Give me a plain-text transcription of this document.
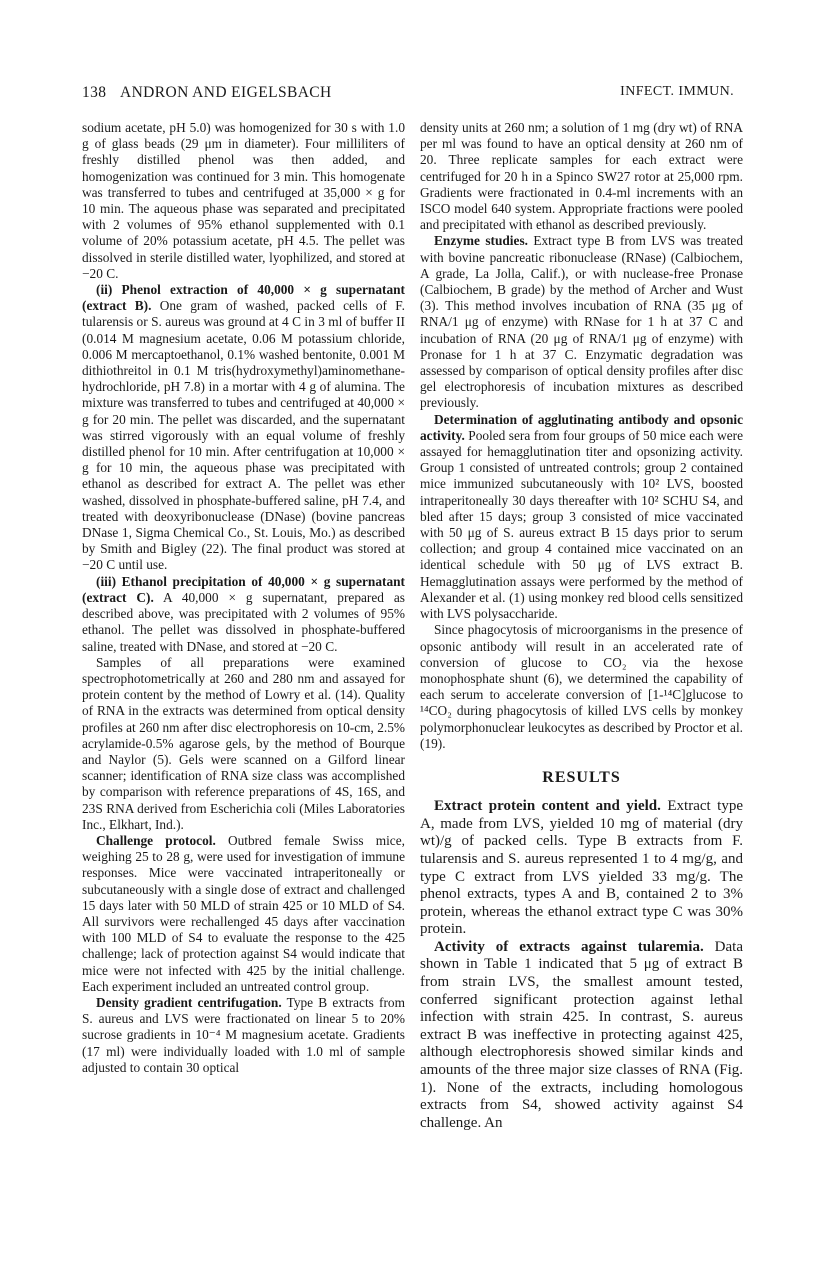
138 ANDRON AND EIGELSBACH	INFECT. IMMUN.

sodium acetate, pH 5.0) was homogenized for 30 s with 1.0 g of glass beads (29 μm in diameter). Four milliliters of freshly distilled phenol was then added, and homogenization was continued for 3 min. This homogenate was transferred to tubes and centrifuged at 35,000 × g for 10 min. The aqueous phase was separated and precipitated with 2 volumes of 95% ethanol supplemented with 0.1 volume of 20% potassium acetate, pH 4.5. The pellet was dissolved in sterile distilled water, lyophilized, and stored at −20 C.

(ii) Phenol extraction of 40,000 × g supernatant (extract B). One gram of washed, packed cells of F. tularensis or S. aureus was ground at 4 C in 3 ml of buffer II (0.014 M magnesium acetate, 0.06 M potassium chloride, 0.006 M mercaptoethanol, 0.1% washed bentonite, 0.001 M dithiothreitol in 0.1 M tris(hydroxymethyl)aminomethane-hydrochloride, pH 7.8) in a mortar with 4 g of alumina. The mixture was transferred to tubes and centrifuged at 40,000 × g for 20 min. The pellet was discarded, and the supernatant was stirred vigorously with an equal volume of freshly distilled phenol for 10 min. After centrifugation at 10,000 × g for 10 min, the aqueous phase was precipitated with ethanol as described for extract A. The pellet was ether washed, dissolved in phosphate-buffered saline, pH 7.4, and treated with deoxyribonuclease (DNase) (bovine pancreas DNase 1, Sigma Chemical Co., St. Louis, Mo.) as described by Smith and Bigley (22). The final product was stored at −20 C until use.

(iii) Ethanol precipitation of 40,000 × g supernatant (extract C). A 40,000 × g supernatant, prepared as described above, was precipitated with 2 volumes of 95% ethanol. The pellet was dissolved in phosphate-buffered saline, treated with DNase, and stored at −20 C.

Samples of all preparations were examined spectrophotometrically at 260 and 280 nm and assayed for protein content by the method of Lowry et al. (14). Quality of RNA in the extracts was determined from optical density profiles at 260 nm after disc electrophoresis on 10-cm, 2.5% acrylamide-0.5% agarose gels, by the method of Bourque and Naylor (5). Gels were scanned on a Gilford linear scanner; identification of RNA size class was accomplished by comparison with reference preparations of 4S, 16S, and 23S RNA derived from Escherichia coli (Miles Laboratories Inc., Elkhart, Ind.).

Challenge protocol. Outbred female Swiss mice, weighing 25 to 28 g, were used for investigation of immune responses. Mice were vaccinated intraperitoneally or subcutaneously with a single dose of extract and challenged 15 days later with 50 MLD of strain 425 or 10 MLD of S4. All survivors were rechallenged 45 days after vaccination with 100 MLD of S4 to evaluate the response to the 425 challenge; lack of protection against S4 would indicate that mice were not infected with 425 by the initial challenge. Each experiment included an untreated control group.

Density gradient centrifugation. Type B extracts from S. aureus and LVS were fractionated on linear 5 to 20% sucrose gradients in 10⁻⁴ M magnesium acetate. Gradients (17 ml) were individually loaded with 1.0 ml of sample adjusted to contain 30 optical

density units at 260 nm; a solution of 1 mg (dry wt) of RNA per ml was found to have an optical density at 260 nm of 20. Three replicate samples for each extract were centrifuged for 20 h in a Spinco SW27 rotor at 25,000 rpm. Gradients were fractionated in 0.4-ml increments with an ISCO model 640 system. Appropriate fractions were pooled and precipitated with ethanol as described previously.

Enzyme studies. Extract type B from LVS was treated with bovine pancreatic ribonuclease (RNase) (Calbiochem, A grade, La Jolla, Calif.), or with nuclease-free Pronase (Calbiochem, B grade) by the method of Archer and Wust (3). This method involves incubation of RNA (35 μg of RNA/1 μg of enzyme) with RNase for 1 h at 37 C and incubation of RNA (20 μg of RNA/1 μg of enzyme) with Pronase for 1 h at 37 C. Enzymatic degradation was assessed by comparison of optical density profiles after disc gel electrophoresis of incubation mixtures as described previously.

Determination of agglutinating antibody and opsonic activity. Pooled sera from four groups of 50 mice each were assayed for hemagglutination titer and opsonizing activity. Group 1 consisted of untreated controls; group 2 contained mice immunized subcutaneously with 10² LVS, boosted intraperitoneally 30 days thereafter with 10² SCHU S4, and bled after 15 days; group 3 consisted of mice vaccinated with 50 μg of S. aureus extract B 15 days prior to serum collection; and group 4 contained mice vaccinated on an identical schedule with 50 μg of LVS extract B. Hemagglutination assays were performed by the method of Alexander et al. (1) using monkey red blood cells sensitized with LVS polysaccharide.

Since phagocytosis of microorganisms in the presence of opsonic antibody will result in an accelerated rate of conversion of glucose to CO₂ via the hexose monophosphate shunt (6), we determined the capability of each serum to accelerate conversion of [1-¹⁴C]glucose to ¹⁴CO₂ during phagocytosis of killed LVS cells by monkey polymorphonuclear leukocytes as described by Proctor et al. (19).

RESULTS

Extract protein content and yield. Extract type A, made from LVS, yielded 10 mg of material (dry wt)/g of packed cells. Type B extracts from F. tularensis and S. aureus represented 1 to 4 mg/g, and type C extract from LVS yielded 33 mg/g. The phenol extracts, types A and B, contained 2 to 3% protein, whereas the ethanol extract type C was 30% protein.

Activity of extracts against tularemia. Data shown in Table 1 indicated that 5 μg of extract B from strain LVS, the smallest amount tested, conferred significant protection against lethal infection with strain 425. In contrast, S. aureus extract B was ineffective in protecting against 425, although electrophoresis showed similar kinds and amounts of the three major size classes of RNA (Fig. 1). None of the extracts, including homologous extracts from S4, showed activity against S4 challenge. An
